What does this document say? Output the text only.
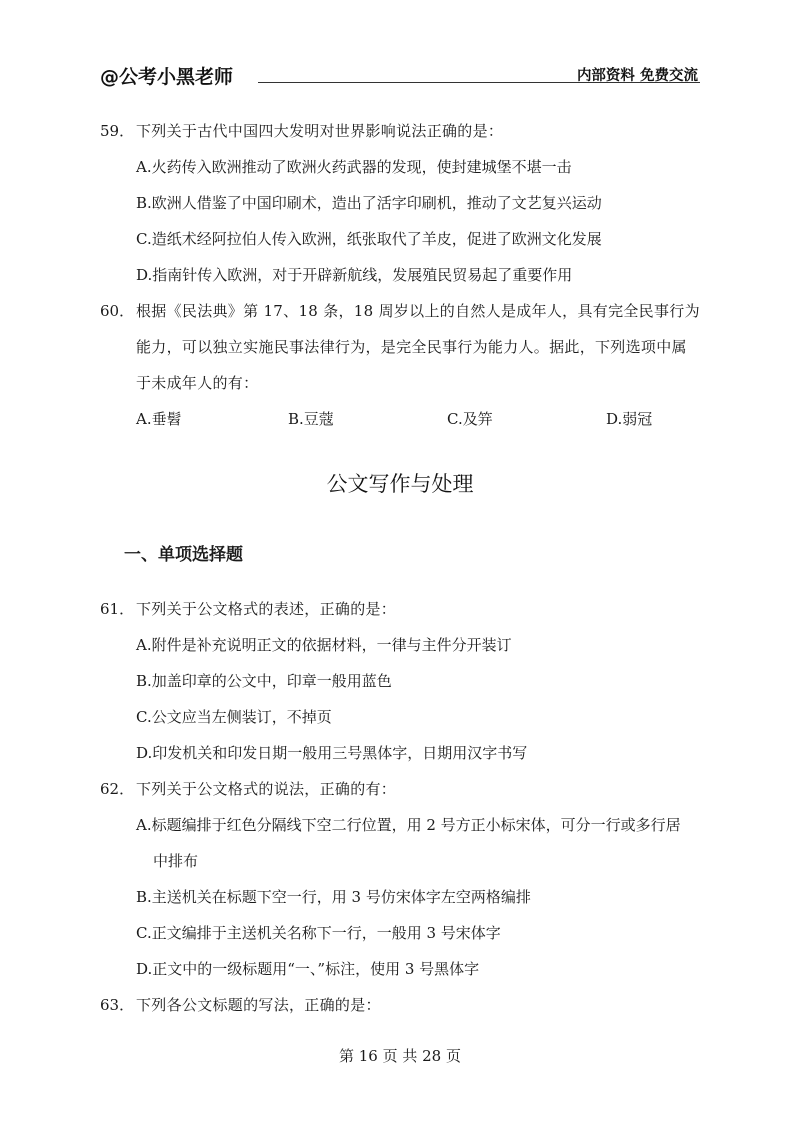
@公考小黑老师	内部资料 免费交流
59． 下列关于古代中国四大发明对世界影响说法正确的是：
A.火药传入欧洲推动了欧洲火药武器的发现，使封建城堡不堪一击
B.欧洲人借鉴了中国印刷术，造出了活字印刷机，推动了文艺复兴运动
C.造纸术经阿拉伯人传入欧洲，纸张取代了羊皮，促进了欧洲文化发展
D.指南针传入欧洲，对于开辟新航线，发展殖民贸易起了重要作用
60． 根据《民法典》第 17、18 条，18 周岁以上的自然人是成年人，具有完全民事行为
能力，可以独立实施民事法律行为，是完全民事行为能力人。据此，下列选项中属
于未成年人的有：
A.垂髫	B.豆蔻	C.及笄	D.弱冠
公文写作与处理
一、单项选择题
61． 下列关于公文格式的表述，正确的是：
A.附件是补充说明正文的依据材料，一律与主件分开装订
B.加盖印章的公文中，印章一般用蓝色
C.公文应当左侧装订，不掉页
D.印发机关和印发日期一般用三号黑体字，日期用汉字书写
62． 下列关于公文格式的说法，正确的有：
A.标题编排于红色分隔线下空二行位置，用 2 号方正小标宋体，可分一行或多行居
中排布
B.主送机关在标题下空一行，用 3 号仿宋体字左空两格编排
C.正文编排于主送机关名称下一行，一般用 3 号宋体字
D.正文中的一级标题用“一、”标注，使用 3 号黑体字
63． 下列各公文标题的写法，正确的是：
第 16 页 共 28 页
